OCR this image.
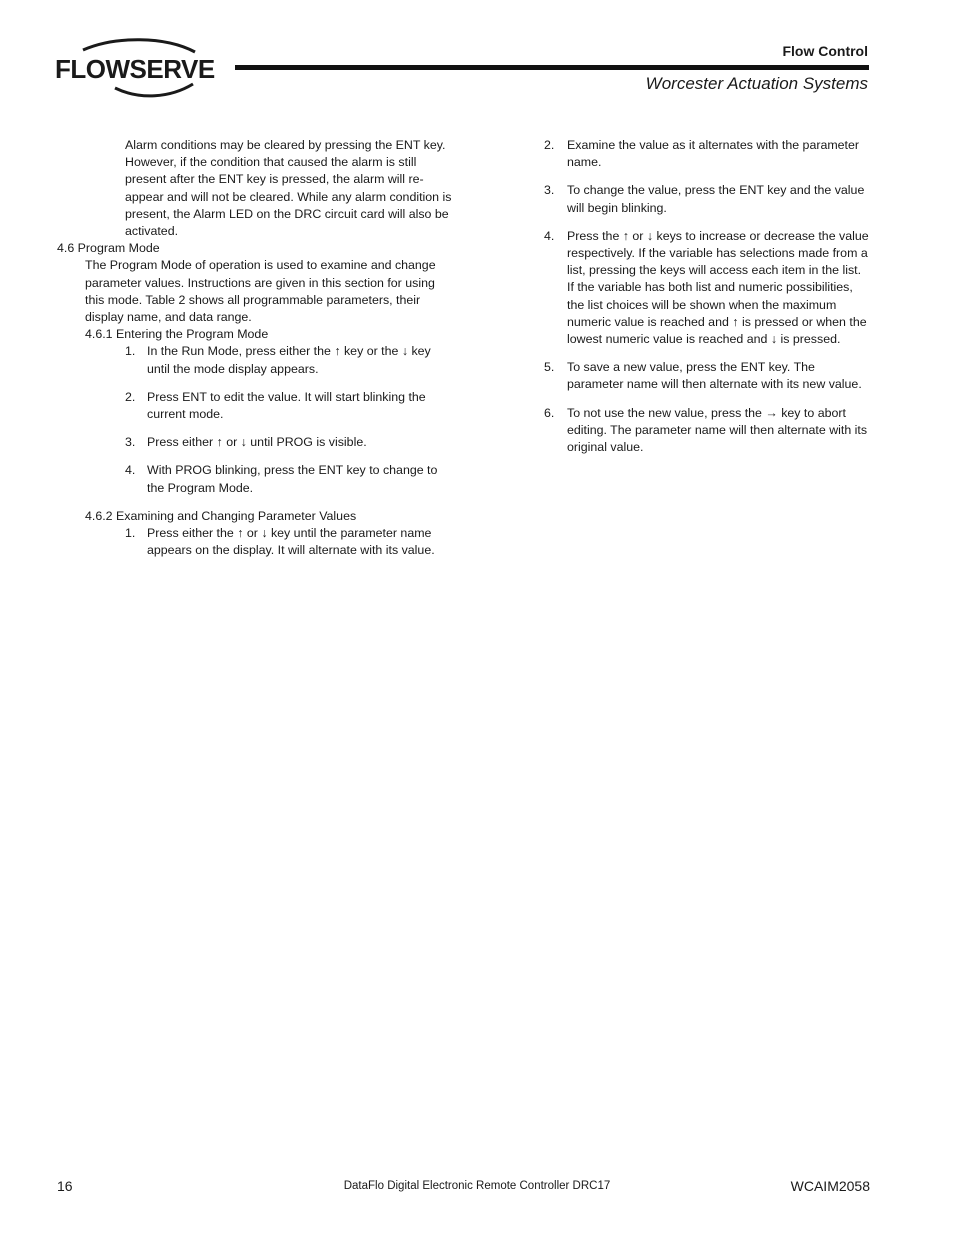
FLOWSERVE
Flow Control
Worcester Actuation Systems

Alarm conditions may be cleared by pressing the ENT key. However, if the condition that caused the alarm is still present after the ENT key is pressed, the alarm will re-appear and will not be cleared. While any alarm condition is present, the Alarm LED on the DRC circuit card will also be activated.

4.6 Program Mode

The Program Mode of operation is used to examine and change parameter values. Instructions are given in this section for using this mode. Table 2 shows all programmable parameters, their display name, and data range.

4.6.1 Entering the Program Mode

1. In the Run Mode, press either the ↑ key or the ↓ key until the mode display appears.
2. Press ENT to edit the value. It will start blinking the current mode.
3. Press either ↑ or ↓ until PROG is visible.
4. With PROG blinking, press the ENT key to change to the Program Mode.

4.6.2 Examining and Changing Parameter Values

1. Press either the ↑ or ↓ key until the parameter name appears on the display. It will alternate with its value.
2.	Examine the value as it alternates with the parameter name.
3.	To change the value, press the ENT key and the value will begin blinking.
4.	Press the ↑ or ↓ keys to increase or decrease the value respectively. If the variable has selections made from a list, pressing the keys will access each item in the list. If the variable has both list and numeric possibilities, the list choices will be shown when the maximum numeric value is reached and ↑ is pressed or when the lowest numeric value is reached and ↓ is pressed.
5.	To save a new value, press the ENT key. The parameter name will then alternate with its new value.
6.	To not use the new value, press the → key to abort editing. The parameter name will then alternate with its original value.
16	DataFlo Digital Electronic Remote Controller DRC17	WCAIM2058
